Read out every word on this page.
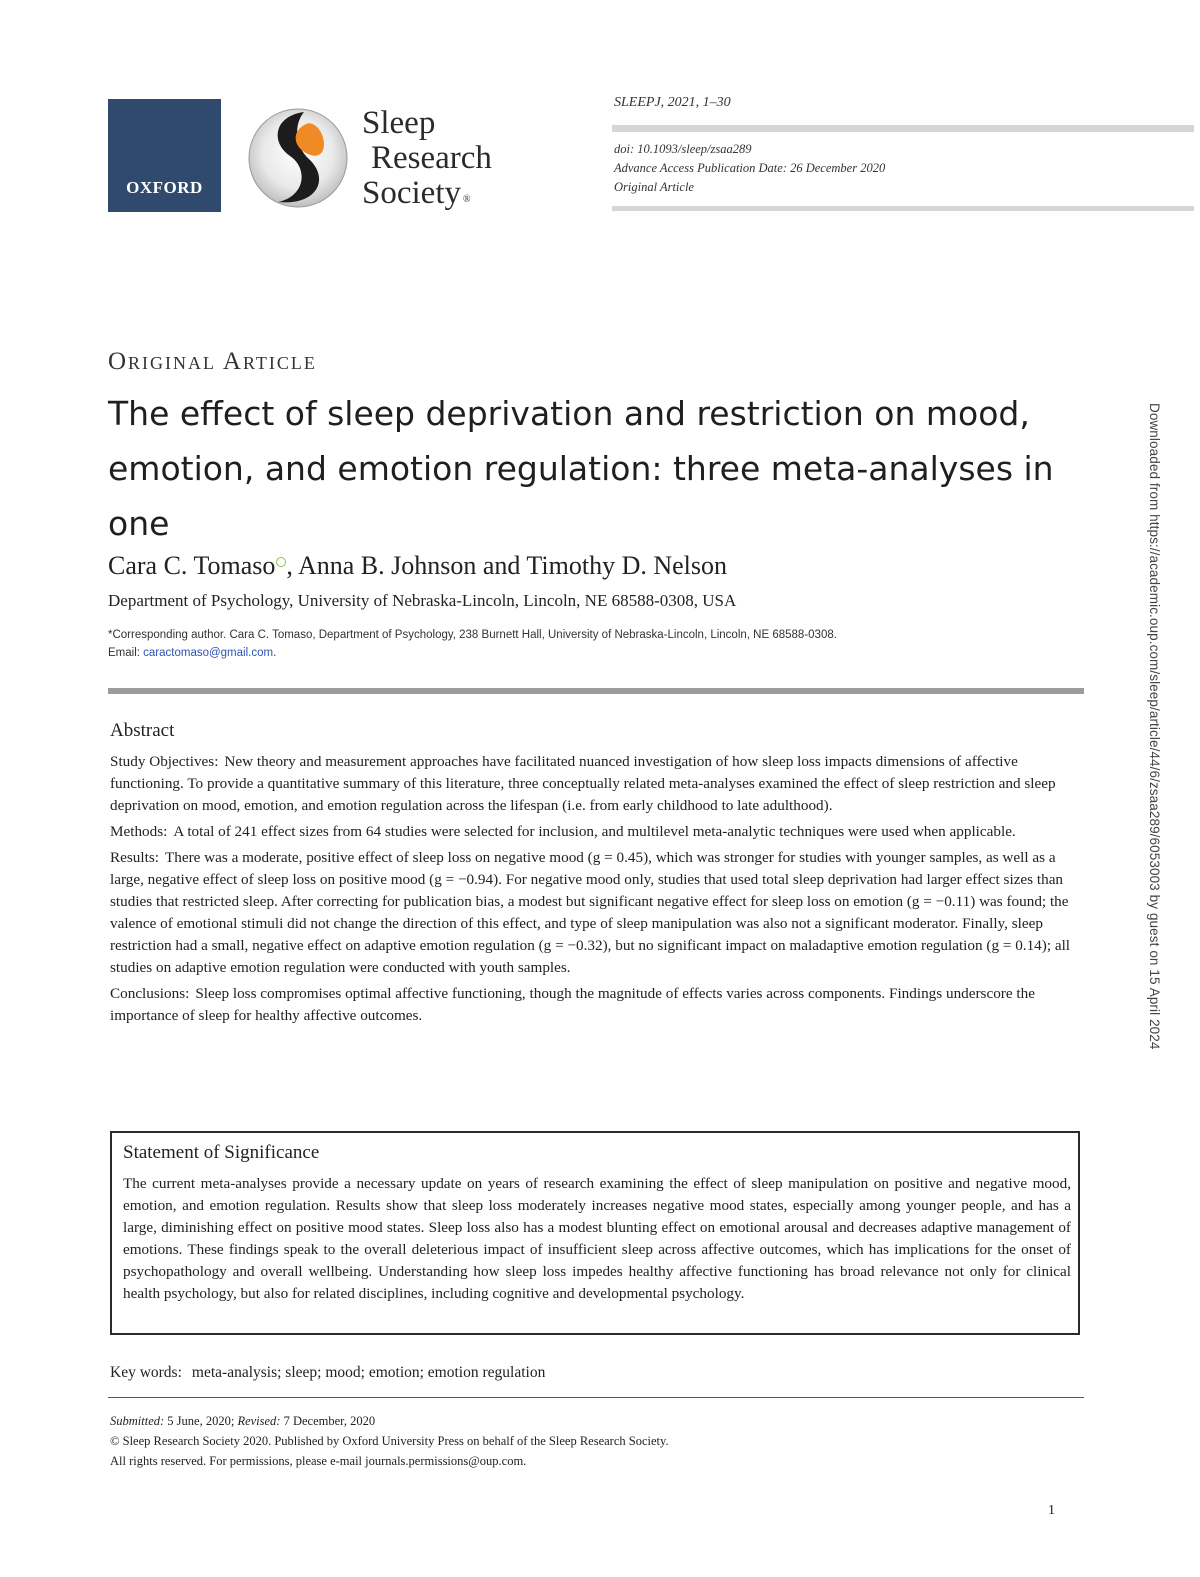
OXFORD
Sleep
Research
Society ®
SLEEPJ, 2021, 1–30
doi: 10.1093/sleep/zsaa289
Advance Access Publication Date: 26 December 2020
Original Article
Downloaded from https://academic.oup.com/sleep/article/44/6/zsaa289/6053003 by guest on 15 April 2024
Original Article
The effect of sleep deprivation and restriction on mood, emotion, and emotion regulation: three meta-analyses in one
Cara C. Tomaso , Anna B. Johnson and Timothy D. Nelson
Department of Psychology, University of Nebraska-Lincoln, Lincoln, NE 68588-0308, USA
*Corresponding author. Cara C. Tomaso, Department of Psychology, 238 Burnett Hall, University of Nebraska-Lincoln, Lincoln, NE 68588-0308.
Email: caractomaso@gmail.com.
Abstract

Study Objectives: New theory and measurement approaches have facilitated nuanced investigation of how sleep loss impacts dimensions of affective functioning. To provide a quantitative summary of this literature, three conceptually related meta-analyses examined the effect of sleep restriction and sleep deprivation on mood, emotion, and emotion regulation across the lifespan (i.e. from early childhood to late adulthood).

Methods: A total of 241 effect sizes from 64 studies were selected for inclusion, and multilevel meta-analytic techniques were used when applicable.

Results: There was a moderate, positive effect of sleep loss on negative mood (g = 0.45), which was stronger for studies with younger samples, as well as a large, negative effect of sleep loss on positive mood (g = −0.94). For negative mood only, studies that used total sleep deprivation had larger effect sizes than studies that restricted sleep. After correcting for publication bias, a modest but significant negative effect for sleep loss on emotion (g = −0.11) was found; the valence of emotional stimuli did not change the direction of this effect, and type of sleep manipulation was also not a significant moderator. Finally, sleep restriction had a small, negative effect on adaptive emotion regulation (g = −0.32), but no significant impact on maladaptive emotion regulation (g = 0.14); all studies on adaptive emotion regulation were conducted with youth samples.

Conclusions: Sleep loss compromises optimal affective functioning, though the magnitude of effects varies across components. Findings underscore the importance of sleep for healthy affective outcomes.

Statement of Significance

The current meta-analyses provide a necessary update on years of research examining the effect of sleep manipulation on positive and negative mood, emotion, and emotion regulation. Results show that sleep loss moderately increases negative mood states, especially among younger people, and has a large, diminishing effect on positive mood states. Sleep loss also has a modest blunting effect on emotional arousal and decreases adaptive management of emotions. These findings speak to the overall deleterious impact of insufficient sleep across affective outcomes, which has implications for the onset of psychopathology and overall wellbeing. Understanding how sleep loss impedes healthy affective functioning has broad relevance not only for clinical health psychology, but also for related disciplines, including cognitive and developmental psychology.

Key words: meta-analysis; sleep; mood; emotion; emotion regulation
Submitted: 5 June, 2020; Revised: 7 December, 2020
© Sleep Research Society 2020. Published by Oxford University Press on behalf of the Sleep Research Society.
All rights reserved. For permissions, please e-mail journals.permissions@oup.com.
1
